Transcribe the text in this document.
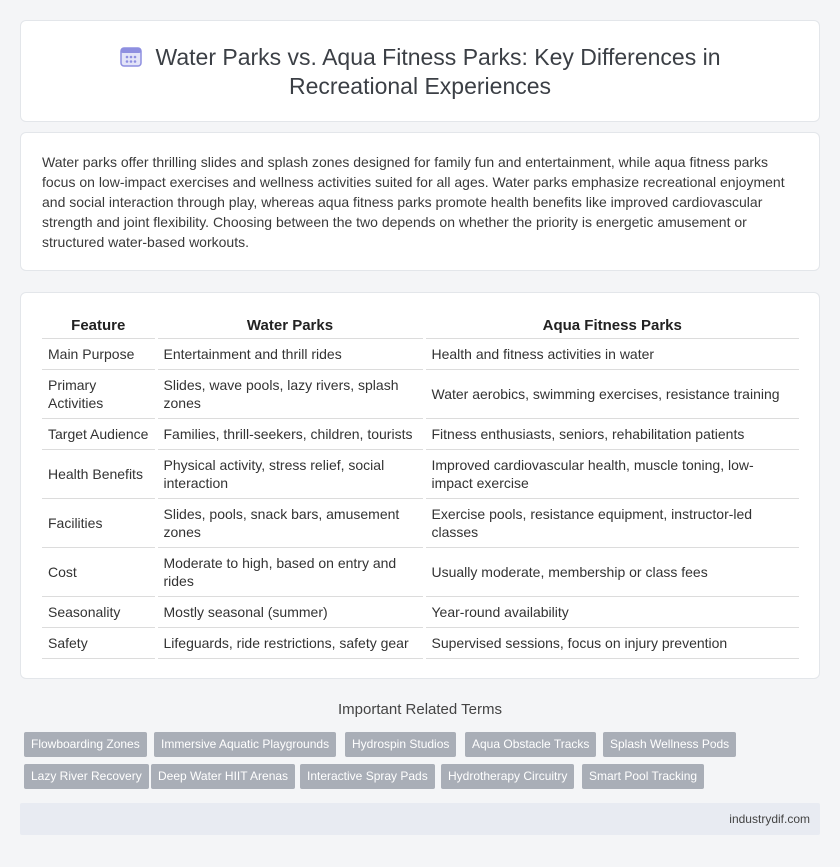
Water Parks vs. Aqua Fitness Parks: Key Differences in
Recreational Experiences

Water parks offer thrilling slides and splash zones designed for family fun and entertainment, while aqua fitness parks focus on low-impact exercises and wellness activities suited for all ages. Water parks emphasize recreational enjoyment and social interaction through play, whereas aqua fitness parks promote health benefits like improved cardiovascular strength and joint flexibility. Choosing between the two depends on whether the priority is energetic amusement or structured water-based workouts.

Feature	Water Parks	Aqua Fitness Parks
Main Purpose	Entertainment and thrill rides	Health and fitness activities in water
Primary Activities	Slides, wave pools, lazy rivers, splash zones	Water aerobics, swimming exercises, resistance training
Target Audience	Families, thrill-seekers, children, tourists	Fitness enthusiasts, seniors, rehabilitation patients
Health Benefits	Physical activity, stress relief, social interaction	Improved cardiovascular health, muscle toning, low-impact exercise
Facilities	Slides, pools, snack bars, amusement zones	Exercise pools, resistance equipment, instructor-led classes
Cost	Moderate to high, based on entry and rides	Usually moderate, membership or class fees
Seasonality	Mostly seasonal (summer)	Year-round availability
Safety	Lifeguards, ride restrictions, safety gear	Supervised sessions, focus on injury prevention
Important Related Terms
Flowboarding Zones	Immersive Aquatic Playgrounds	Hydrospin Studios	Aqua Obstacle Tracks	Splash Wellness Pods
Lazy River Recovery	Deep Water HIIT Arenas	Interactive Spray Pads	Hydrotherapy Circuitry	Smart Pool Tracking
industrydif.com
